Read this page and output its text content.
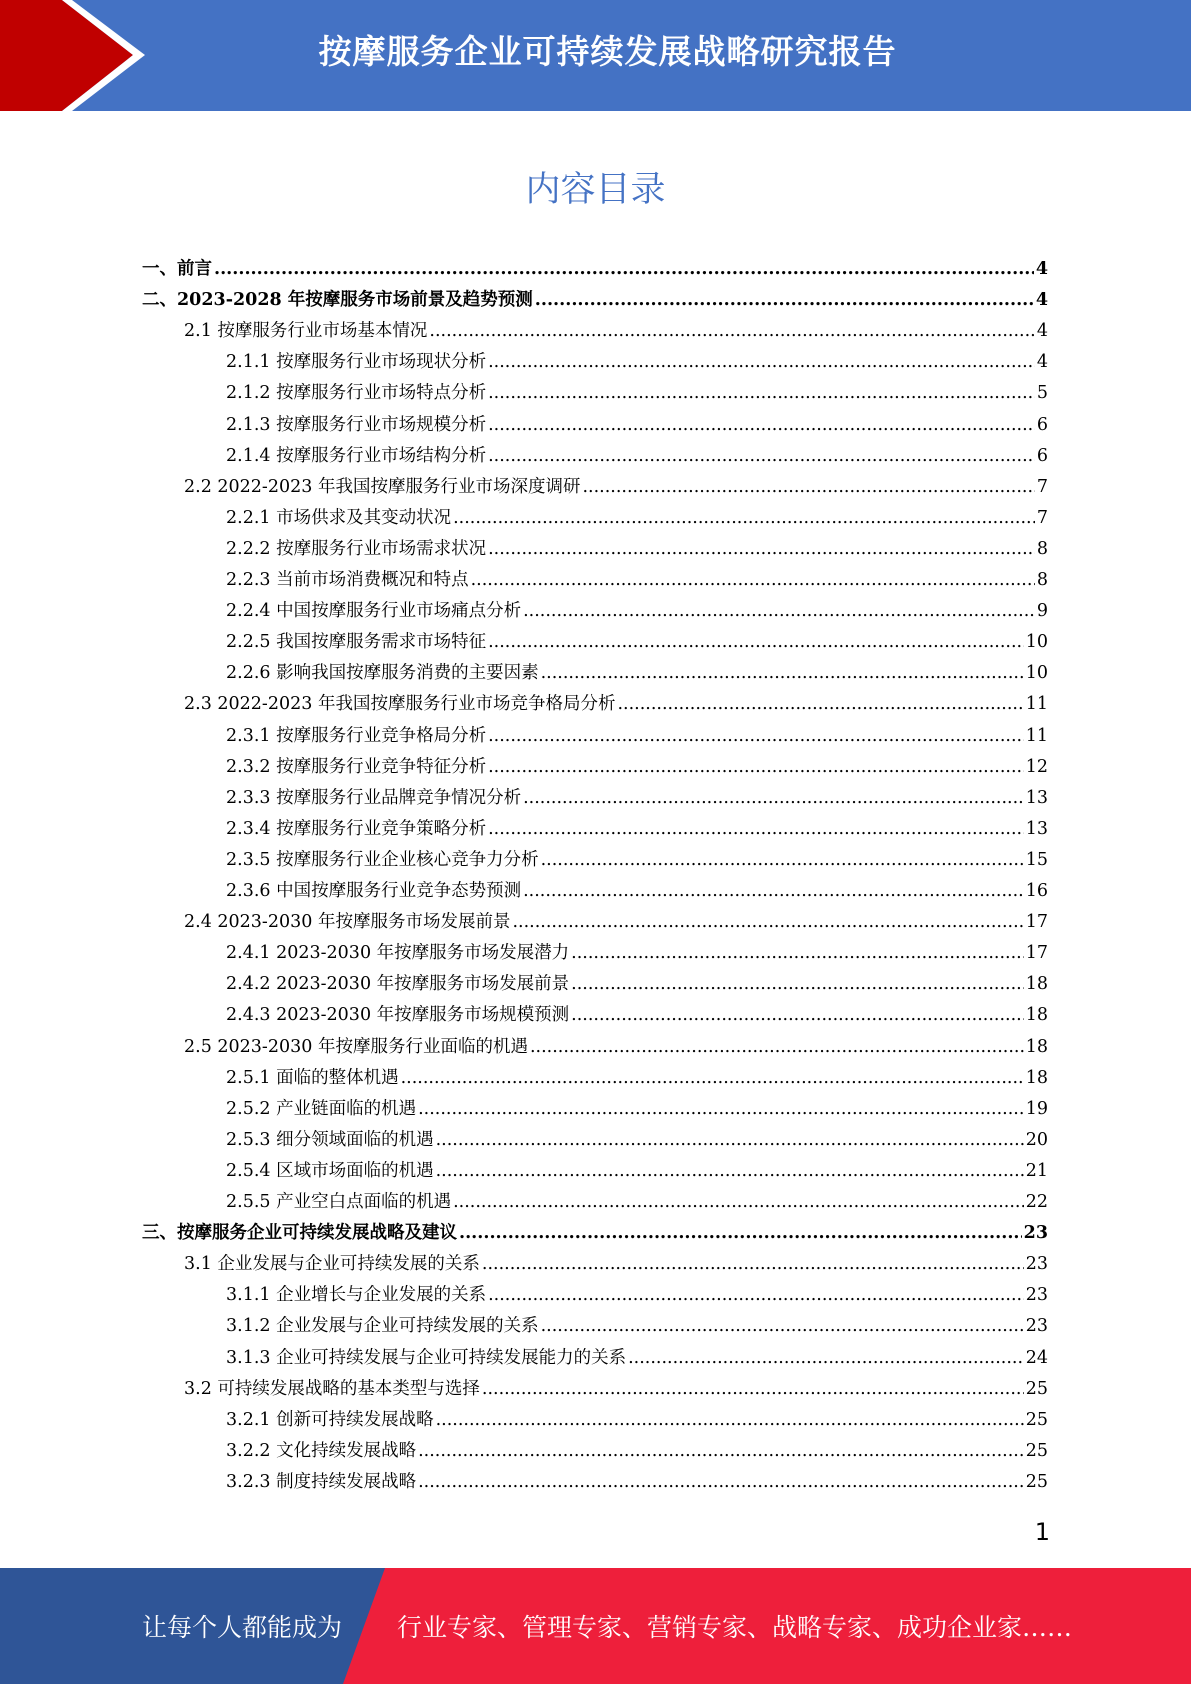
按摩服务企业可持续发展战略研究报告
内容目录
一、前言 .....	4
二、2023-2028 年按摩服务市场前景及趋势预测 .....	4
2.1 按摩服务行业市场基本情况 .....	4
2.1.1 按摩服务行业市场现状分析 .....	4
2.1.2 按摩服务行业市场特点分析 .....	5
2.1.3 按摩服务行业市场规模分析 .....	6
2.1.4 按摩服务行业市场结构分析 .....	6
2.2 2022-2023 年我国按摩服务行业市场深度调研 .....	7
2.2.1 市场供求及其变动状况 .....	7
2.2.2 按摩服务行业市场需求状况 .....	8
2.2.3 当前市场消费概况和特点 .....	8
2.2.4 中国按摩服务行业市场痛点分析 .....	9
2.2.5 我国按摩服务需求市场特征 .....	10
2.2.6 影响我国按摩服务消费的主要因素 .....	10
2.3 2022-2023 年我国按摩服务行业市场竞争格局分析 .....	11
2.3.1 按摩服务行业竞争格局分析 .....	11
2.3.2 按摩服务行业竞争特征分析 .....	12
2.3.3 按摩服务行业品牌竞争情况分析 .....	13
2.3.4 按摩服务行业竞争策略分析 .....	13
2.3.5 按摩服务行业企业核心竞争力分析 .....	15
2.3.6 中国按摩服务行业竞争态势预测 .....	16
2.4 2023-2030 年按摩服务市场发展前景 .....	17
2.4.1 2023-2030 年按摩服务市场发展潜力 .....	17
2.4.2 2023-2030 年按摩服务市场发展前景 .....	18
2.4.3 2023-2030 年按摩服务市场规模预测 .....	18
2.5 2023-2030 年按摩服务行业面临的机遇 .....	18
2.5.1 面临的整体机遇 .....	18
2.5.2 产业链面临的机遇 .....	19
2.5.3 细分领域面临的机遇 .....	20
2.5.4 区域市场面临的机遇 .....	21
2.5.5 产业空白点面临的机遇 .....	22
三、按摩服务企业可持续发展战略及建议 .....	23
3.1 企业发展与企业可持续发展的关系 .....	23
3.1.1 企业增长与企业发展的关系 .....	23
3.1.2 企业发展与企业可持续发展的关系 .....	23
3.1.3 企业可持续发展与企业可持续发展能力的关系 .....	24
3.2 可持续发展战略的基本类型与选择 .....	25
3.2.1 创新可持续发展战略 .....	25
3.2.2 文化持续发展战略 .....	25
3.2.3 制度持续发展战略 .....	25
1
让每个人都能成为 行业专家、管理专家、营销专家、战略专家、成功企业家……
